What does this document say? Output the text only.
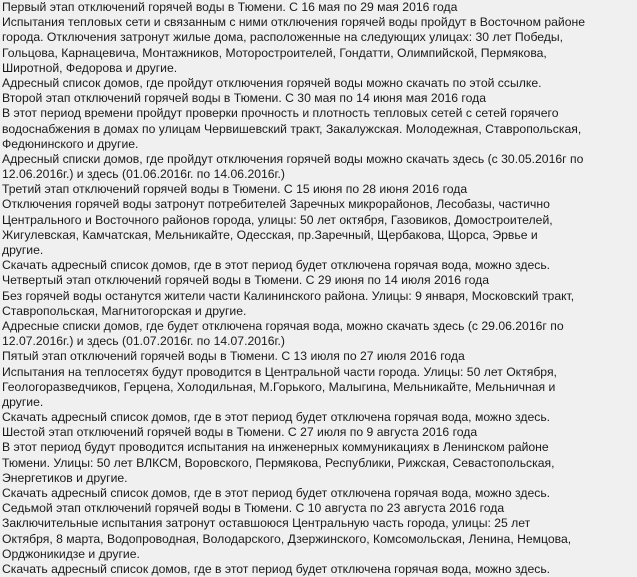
Первый этап отключений горячей воды в Тюмени. С 16 мая по 29 мая 2016 года
Испытания тепловых сети и связанным с ними отключения горячей воды пройдут в Восточном районе
города. Отключения затронут жилые дома, расположенные на следующих улицах: 30 лет Победы,
Гольцова, Карнацевича, Монтажников, Моторостроителей, Гондатти, Олимпийской, Пермякова,
Широтной, Федорова и другие.
Адресный список домов, где пройдут отключения горячей воды можно скачать по этой ссылке.
Второй этап отключений горячей воды в Тюмени. С 30 мая по 14 июня мая 2016 года
В этот период времени пройдут проверки прочность и плотность тепловых сетей с сетей горячего
водоснабжения в домах по улицам Червишевский тракт, Закалужская. Молодежная, Ставропольская,
Федюнинского и другие.
Адресный списки домов, где пройдут отключения горячей воды можно скачать здесь (с 30.05.2016г по
12.06.2016г.) и здесь (01.06.2016г. по 14.06.2016г.)
Третий этап отключений горячей воды в Тюмени. С 15 июня по 28 июня 2016 года
Отключения горячей воды затронут потребителей Заречных микрорайонов, Лесобазы, частично
Центрального и Восточного районов города, улицы: 50 лет октября, Газовиков, Домостроителей,
Жигулевская, Камчатская, Мельникайте, Одесская, пр.Заречный, Щербакова, Щорса, Эрвье и
другие.
Скачать адресный список домов, где в этот период будет отключена горячая вода, можно здесь.
Четвертый этап отключений горячей воды в Тюмени. С 29 июня по 14 июля 2016 года
Без горячей воды останутся жители части Калининского района. Улицы: 9 января, Московский тракт,
Ставропольская, Магнитогорская и другие.
Адресные списки домов, где будет отключена горячая вода, можно скачать здесь (с 29.06.2016г по
12.07.2016г.) и здесь (01.07.2016г. по 14.07.2016г.)
Пятый этап отключений горячей воды в Тюмени. С 13 июля по 27 июля 2016 года
Испытания на теплосетях будут проводится в Центральной части города. Улицы: 50 лет Октября,
Геологоразведчиков, Герцена, Холодильная, М.Горького, Малыгина, Мельникайте, Мельничная и
другие.
Скачать адресный список домов, где в этот период будет отключена горячая вода, можно здесь.
Шестой этап отключений горячей воды в Тюмени. С 27 июля по 9 августа 2016 года
В этот период будут проводится испытания на инженерных коммуникациях в Ленинском районе
Тюмени. Улицы: 50 лет ВЛКСМ, Воровского, Пермякова, Республики, Рижская, Севастопольская,
Энергетиков и другие.
Скачать адресный список домов, где в этот период будет отключена горячая вода, можно здесь.
Седьмой этап отключений горячей воды в Тюмени. С 10 августа по 23 августа 2016 года
Заключительные испытания затронут оставшоюся Центральную часть города, улицы: 25 лет
Октября, 8 марта, Водопроводная, Володарского, Дзержинского, Комсомольская, Ленина, Немцова,
Орджоникидзе и другие.
Скачать адресный список домов, где в этот период будет отключена горячая вода, можно здесь.
